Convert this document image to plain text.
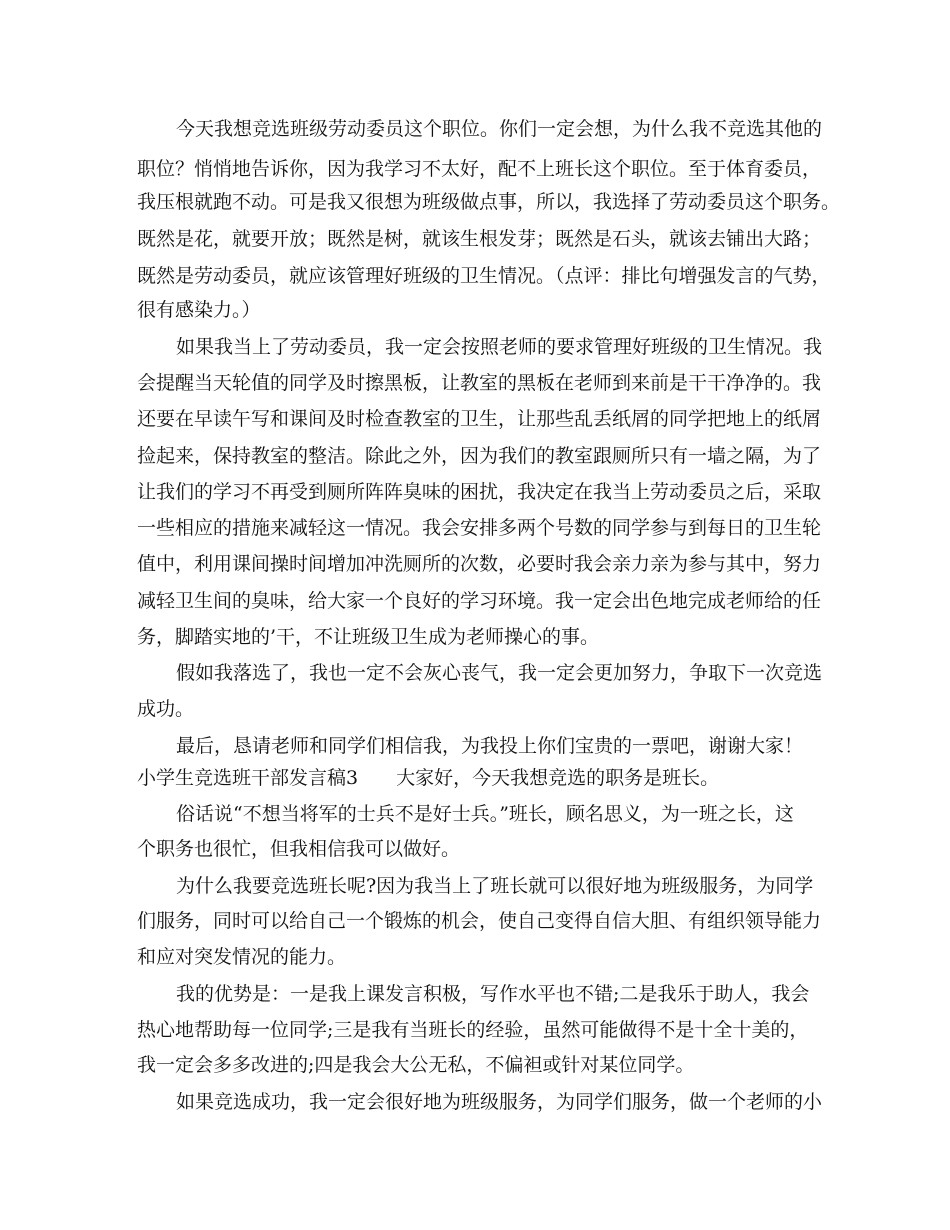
今天我想竞选班级劳动委员这个职位。你们一定会想，为什么我不竞选其他的

职位？悄悄地告诉你，因为我学习不太好，配不上班长这个职位。至于体育委员，

我压根就跑不动。可是我又很想为班级做点事，所以，我选择了劳动委员这个职务。

既然是花，就要开放；既然是树，就该生根发芽；既然是石头，就该去铺出大路；

既然是劳动委员，就应该管理好班级的卫生情况。（点评：排比句增强发言的气势，

很有感染力。）

如果我当上了劳动委员，我一定会按照老师的要求管理好班级的卫生情况。我

会提醒当天轮值的同学及时擦黑板，让教室的黑板在老师到来前是干干净净的。我

还要在早读午写和课间及时检查教室的卫生，让那些乱丢纸屑的同学把地上的纸屑

捡起来，保持教室的整洁。除此之外，因为我们的教室跟厕所只有一墙之隔，为了

让我们的学习不再受到厕所阵阵臭味的困扰，我决定在我当上劳动委员之后，采取

一些相应的措施来减轻这一情况。我会安排多两个号数的同学参与到每日的卫生轮

值中，利用课间操时间增加冲洗厕所的次数，必要时我会亲力亲为参与其中，努力

减轻卫生间的臭味，给大家一个良好的学习环境。我一定会出色地完成老师给的任

务，脚踏实地的’干，不让班级卫生成为老师操心的事。

假如我落选了，我也一定不会灰心丧气，我一定会更加努力，争取下一次竞选

成功。

最后，恳请老师和同学们相信我，为我投上你们宝贵的一票吧，谢谢大家！

小学生竞选班干部发言稿3　　大家好，今天我想竞选的职务是班长。

俗话说“不想当将军的士兵不是好士兵。”班长，顾名思义，为一班之长，这

个职务也很忙，但我相信我可以做好。

为什么我要竞选班长呢?因为我当上了班长就可以很好地为班级服务，为同学

们服务，同时可以给自己一个锻炼的机会，使自己变得自信大胆、有组织领导能力

和应对突发情况的能力。

我的优势是：一是我上课发言积极，写作水平也不错;二是我乐于助人，我会

热心地帮助每一位同学;三是我有当班长的经验，虽然可能做得不是十全十美的，

我一定会多多改进的;四是我会大公无私，不偏袒或针对某位同学。

如果竞选成功，我一定会很好地为班级服务，为同学们服务，做一个老师的小
